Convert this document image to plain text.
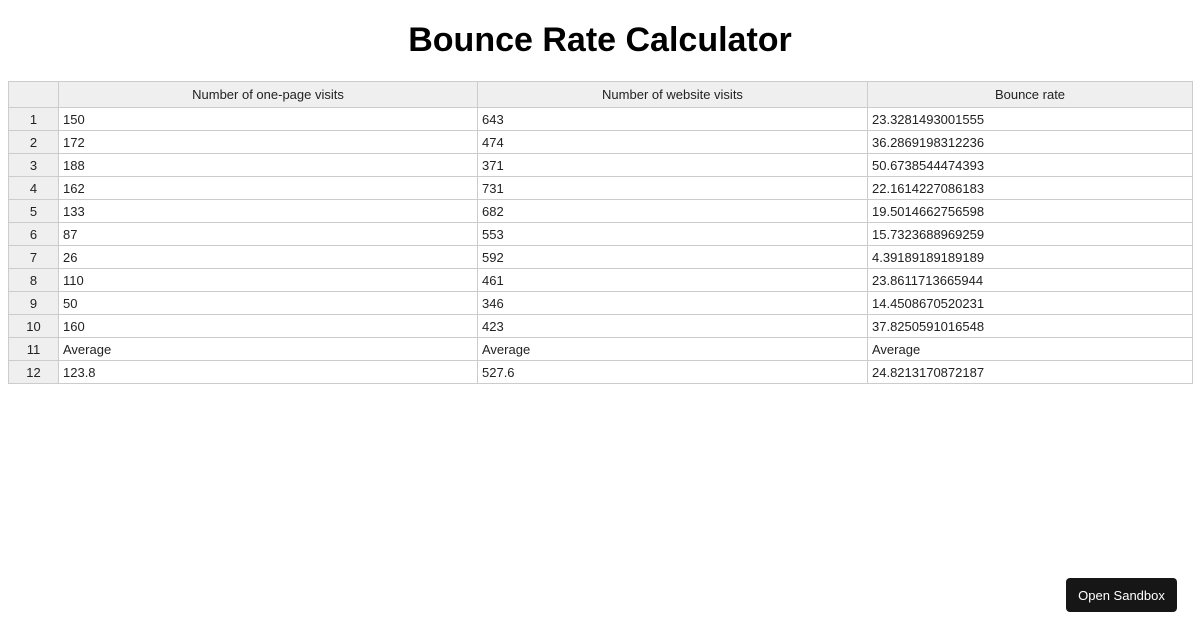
Bounce Rate Calculator
	Number of one-page visits	Number of website visits	Bounce rate
1	150	643	23.3281493001555
2	172	474	36.2869198312236
3	188	371	50.6738544474393
4	162	731	22.1614227086183
5	133	682	19.5014662756598
6	87	553	15.7323688969259
7	26	592	4.39189189189189
8	110	461	23.8611713665944
9	50	346	14.4508670520231
10	160	423	37.8250591016548
11	Average	Average	Average
12	123.8	527.6	24.8213170872187
Open Sandbox
